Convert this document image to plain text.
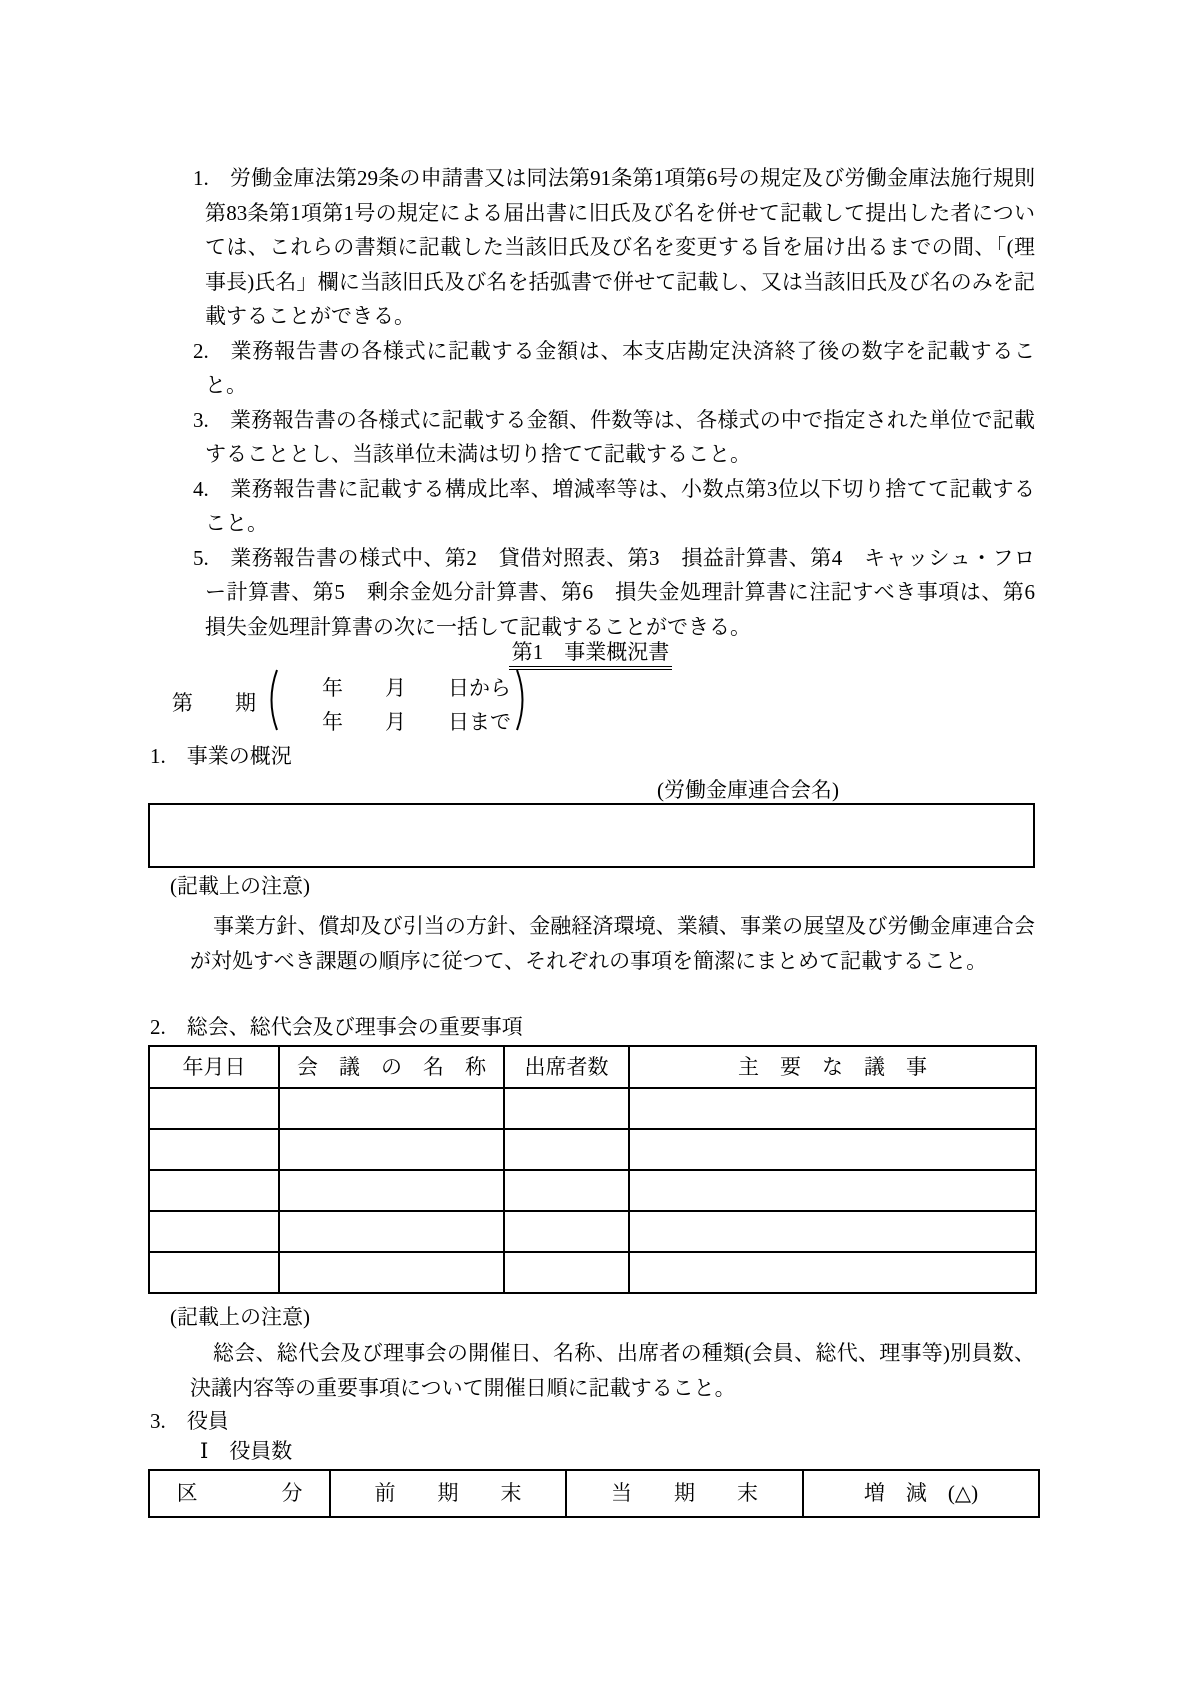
1. 労働金庫法第29条の申請書又は同法第91条第1項第6号の規定及び労働金庫法施行規則第83条第1項第1号の規定による届出書に旧氏及び名を併せて記載して提出した者については、これらの書類に記載した当該旧氏及び名を変更する旨を届け出るまでの間、「(理事長)氏名」欄に当該旧氏及び名を括弧書で併せて記載し、又は当該旧氏及び名のみを記載することができる。

2. 業務報告書の各様式に記載する金額は、本支店勘定決済終了後の数字を記載すること。

3. 業務報告書の各様式に記載する金額、件数等は、各様式の中で指定された単位で記載することとし、当該単位未満は切り捨てて記載すること。

4. 業務報告書に記載する構成比率、増減率等は、小数点第3位以下切り捨てて記載すること。

5. 業務報告書の様式中、第2　貸借対照表、第3　損益計算書、第4　キャッシュ・フロー計算書、第5　剰余金処分計算書、第6　損失金処理計算書に注記すべき事項は、第6　損失金処理計算書の次に一括して記載することができる。

第1　事業概況書
第　　期
年　　月　　日から
年　　月　　日まで
1.　事業の概況
(労働金庫連合会名)
(記載上の注意)

事業方針、償却及び引当の方針、金融経済環境、業績、事業の展望及び労働金庫連合会が対処すべき課題の順序に従つて、それぞれの事項を簡潔にまとめて記載すること。

2.　総会、総代会及び理事会の重要事項
年月日	会　議　の　名　称	出席者数	主　要　な　議　事

(記載上の注意)

総会、総代会及び理事会の開催日、名称、出席者の種類(会員、総代、理事等)別員数、決議内容等の重要事項について開催日順に記載すること。

3.　役員
Ⅰ　役員数
区　　　　分	前　　期　　末	当　　期　　末	増　減　(△)
